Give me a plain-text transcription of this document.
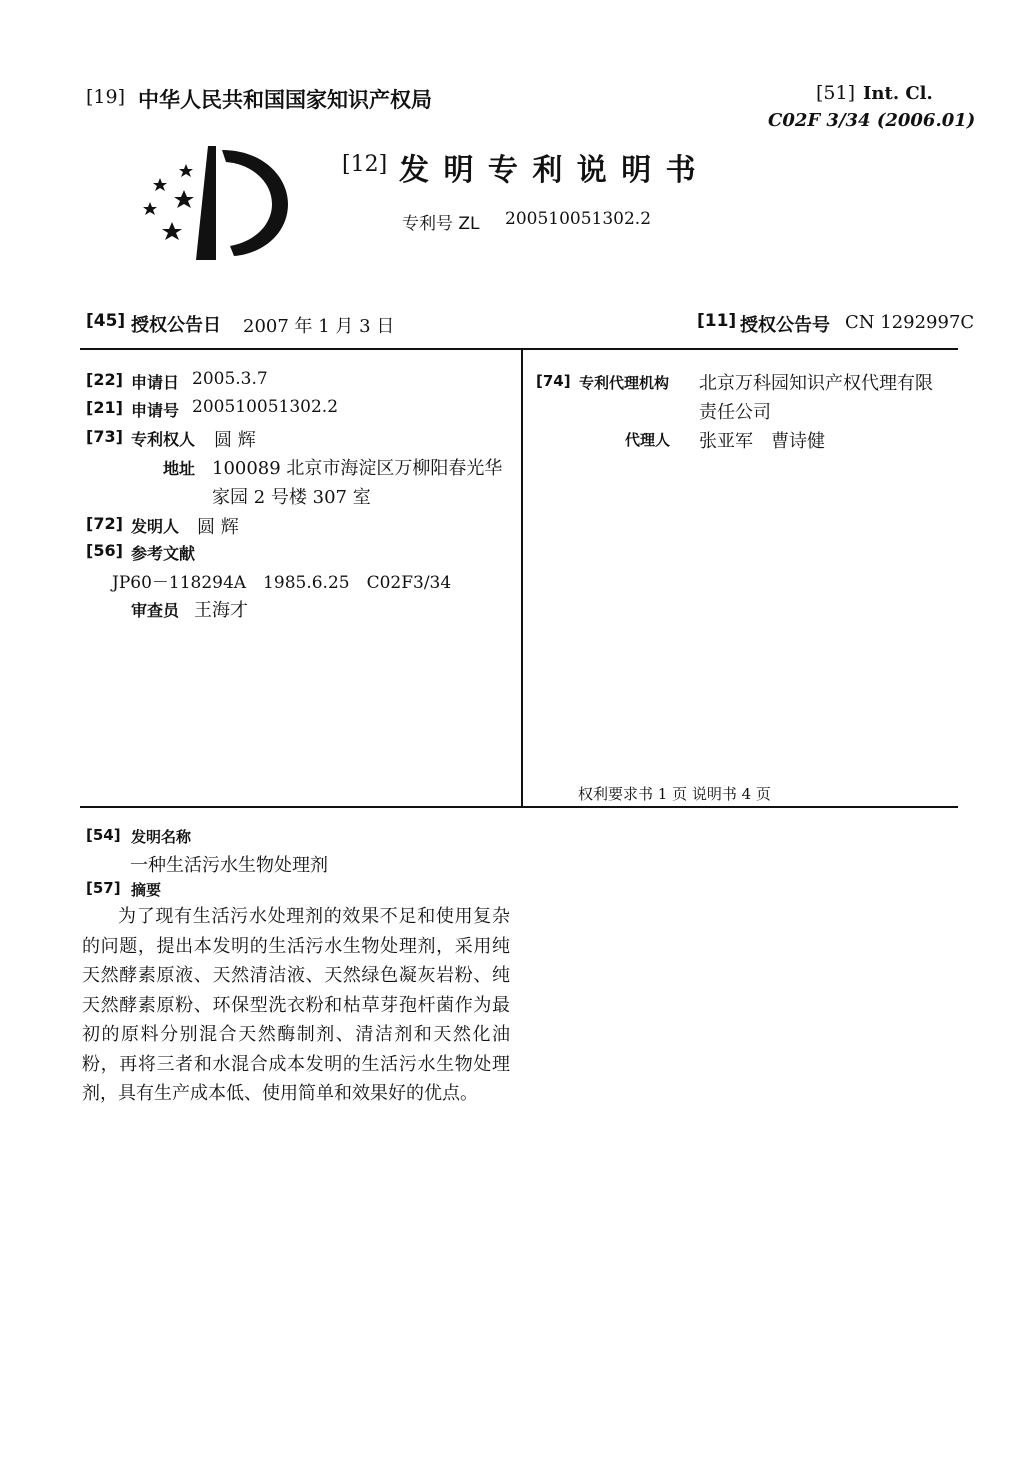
[19] 中华人民共和国国家知识产权局	[51] Int. Cl.
C02F 3/34 (2006.01)
[12] 发 明 专 利 说 明 书
专利号 ZL 200510051302.2
[45] 授权公告日 2007 年 1 月 3 日	[11] 授权公告号 CN 1292997C
[22] 申请日 2005.3.7
[21] 申请号 200510051302.2
[73] 专利权人 圆 辉
地址 100089 北京市海淀区万柳阳春光华
家园 2 号楼 307 室
[72] 发明人 圆 辉
[56] 参考文献
JP60－118294A　1985.6.25　C02F3/34
审查员 王海才
[74] 专利代理机构 北京万科园知识产权代理有限
责任公司
代理人 张亚军　曹诗健
权利要求书 1 页 说明书 4 页
[54] 发明名称
一种生活污水生物处理剂
[57] 摘要

为了现有生活污水处理剂的效果不足和使用复杂的问题，提出本发明的生活污水生物处理剂，采用纯天然酵素原液、天然清洁液、天然绿色凝灰岩粉、纯天然酵素原粉、环保型洗衣粉和枯草芽孢杆菌作为最初的原料分别混合天然酶制剂、清洁剂和天然化油粉，再将三者和水混合成本发明的生活污水生物处理剂，具有生产成本低、使用简单和效果好的优点。
